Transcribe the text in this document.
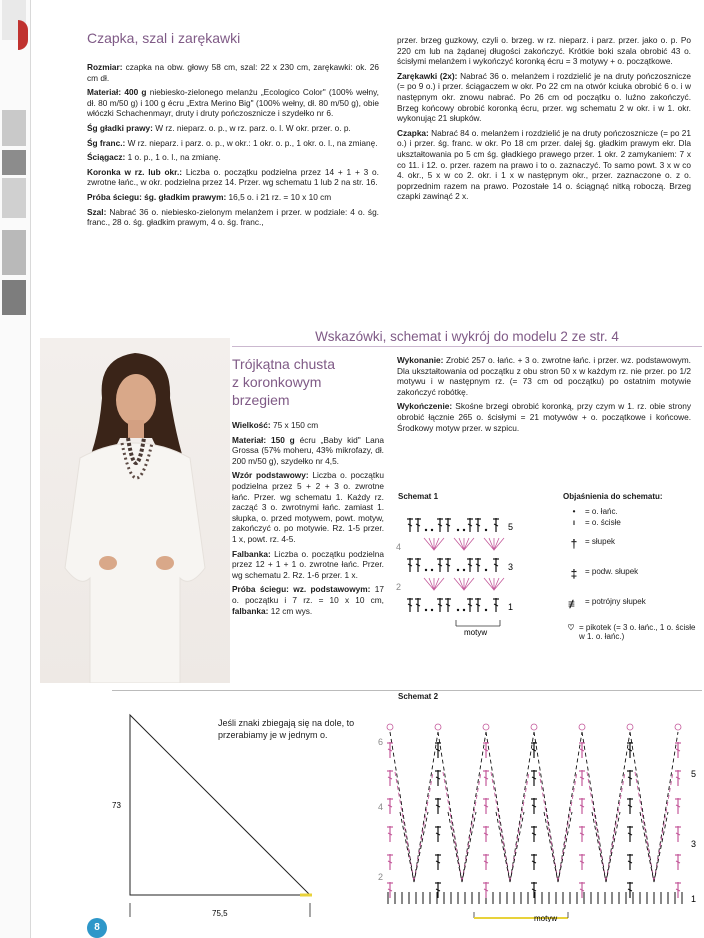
Czapka, szal i zarękawki

Rozmiar: czapka na obw. głowy 58 cm, szal: 22 x 230 cm, zarękawki: ok. 26 cm dł.

Materiał: 400 g niebiesko-zielonego melanżu „Ecologico Color" (100% wełny, dł. 80 m/50 g) i 100 g écru „Extra Merino Big" (100% wełny, dł. 80 m/50 g), obie włóczki Schachenmayr, druty i druty pończosznicze i szydełko nr 6.

Śg gładki prawy: W rz. nieparz. o. p., w rz. parz. o. l. W okr. przer. o. p.

Śg franc.: W rz. nieparz. i parz. o. p., w okr.: 1 okr. o. p., 1 okr. o. l., na zmianę.

Ściągacz: 1 o. p., 1 o. l., na zmianę.

Koronka w rz. lub okr.: Liczba o. początku podzielna przez 14 + 1 + 3 o. zwrotne łańc., w okr. podzielna przez 14. Przer. wg schematu 1 lub 2 na str. 16.

Próba ściegu: śg. gładkim prawym: 16,5 o. i 21 rz. = 10 x 10 cm

Szal: Nabrać 36 o. niebiesko-zielonym melanżem i przer. w podziale: 4 o. śg. franc., 28 o. śg. gładkim prawym, 4 o. śg. franc.,

przer. brzeg guzkowy, czyli o. brzeg. w rz. nieparz. i parz. przer. jako o. p. Po 220 cm lub na żądanej długości zakończyć. Krótkie boki szala obrobić 43 o. ścisłymi melanżem i wykończyć koronką écru = 3 motywy + o. początkowe.

Zarękawki (2x): Nabrać 36 o. melanżem i rozdzielić je na druty pończosznicze (= po 9 o.) i przer. ściągaczem w okr. Po 22 cm na otwór kciuka obrobić 6 o. i w następnym okr. znowu nabrać. Po 26 cm od początku o. luźno zakończyć. Brzeg końcowy obrobić koronką écru, przer. wg schematu 2 w okr. i w 1. okr. wykonując 21 słupków.

Czapka: Nabrać 84 o. melanżem i rozdzielić je na druty pończosznicze (= po 21 o.) i przer. śg. franc. w okr. Po 18 cm przer. dalej śg. gładkim prawym ekr. Dla ukształtowania po 5 cm śg. gładkiego prawego przer. 1 okr. 2 zamykaniem: 7 x co 11. i 12. o. przer. razem na prawo i to o. zaznaczyć. To samo powt. 3 x w co 4. okr., 5 x w co 2. okr. i 1 x w następnym okr., przer. zaznaczone o. z o. poprzednim razem na prawo. Pozostałe 14 o. ściągnąć nitką roboczą. Brzeg czapki zawinąć 2 x.

Wskazówki, schemat i wykrój do modelu 2 ze str. 4
Trójkątna chusta
z koronkowym
brzegiem

Wielkość: 75 x 150 cm

Materiał: 150 g écru „Baby kid" Lana Grossa (57% moheru, 43% mikrofazy, dł. 200 m/50 g), szydełko nr 4,5.

Wzór podstawowy: Liczba o. początku podzielna przez 5 + 2 + 3 o. zwrotne łańc. Przer. wg schematu 1. Każdy rz. zacząć 3 o. zwrotnymi łańc. zamiast 1. słupka, o. przed motywem, powt. motyw, zakończyć o. po motywie. Rz. 1-5 przer. 1 x, powt. rz. 4-5.

Falbanka: Liczba o. początku podzielna przez 12 + 1 + 1 o. zwrotne łańc. Przer. wg schematu 2. Rz. 1-6 przer. 1 x.

Próba ściegu: wz. podstawowym: 17 o. początku i 7 rz. = 10 x 10 cm, falbanka: 12 cm wys.

Wykonanie: Zrobić 257 o. łańc. + 3 o. zwrotne łańc. i przer. wz. podstawowym. Dla ukształtowania od początku z obu stron 50 x w każdym rz. nie przer. po 1/2 motywu i w następnym rz. (= 73 cm od początku) po ostatnim motywie zakończyć robótkę.

Wykończenie: Skośne brzegi obrobić koronką, przy czym w 1. rz. obie strony obrobić łącznie 265 o. ścisłymi = 21 motywów + o. początkowe i końcowe. Środkowy motyw przer. w szpicu.

Schemat 1
5
4
3
2
1
motyw
Objaśnienia do schematu:
•	= o. łańc.
ı	= o. ścisłe
† = słupek
‡ = podw. słupek
≢ = potrójny słupek
♡ = pikotek (= 3 o. łańc., 1 o. ścisłe w 1. o. łańc.)
73
75,5
Jeśli znaki zbiegają się na dole, to przerabiamy je w jednym o.
Schemat 2
6
4
2
5
3
1
motyw
8
